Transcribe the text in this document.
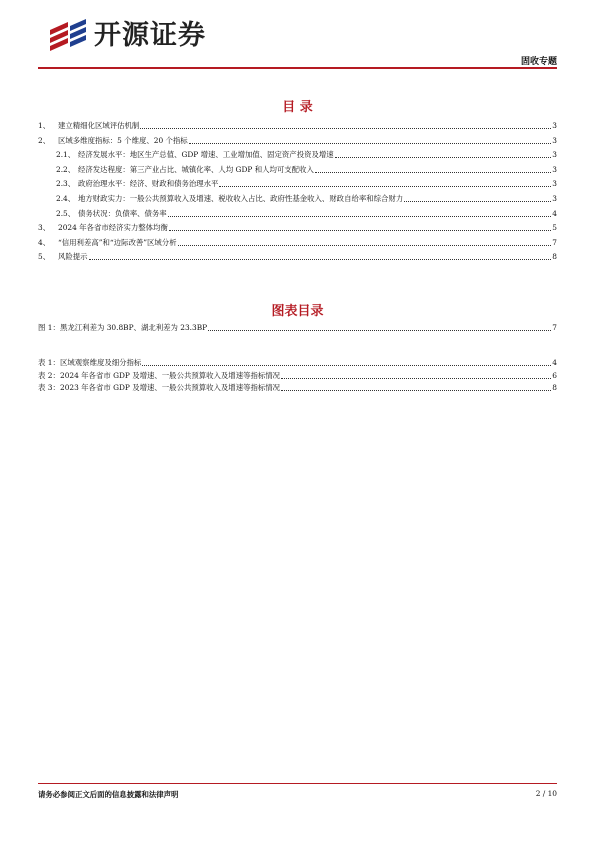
开源证券
固收专题
目 录
1、	建立精细化区域评估机制	3
2、	区域多维度指标：5 个维度、20 个指标	3
2.1、 经济发展水平：地区生产总值、GDP 增速、工业增加值、固定资产投资及增速	3
2.2、 经济发达程度：第三产业占比、城镇化率、人均 GDP 和人均可支配收入	3
2.3、 政府治理水平：经济、财政和债务治理水平	3
2.4、 地方财政实力：一般公共预算收入及增速、税收收入占比、政府性基金收入、财政自给率和综合财力	3
2.5、 债务状况：负债率、债务率	4
3、	2024 年各省市经济实力整体均衡	5
4、	“信用利差高”和“边际改善”区域分析	7
5、	风险提示	8
图表目录
图 1： 黑龙江利差为 30.8BP、湖北利差为 23.3BP	7
表 1： 区域观察维度及细分指标	4
表 2： 2024 年各省市 GDP 及增速、一般公共预算收入及增速等指标情况	6
表 3： 2023 年各省市 GDP 及增速、一般公共预算收入及增速等指标情况	8
请务必参阅正文后面的信息披露和法律声明	2 / 10
